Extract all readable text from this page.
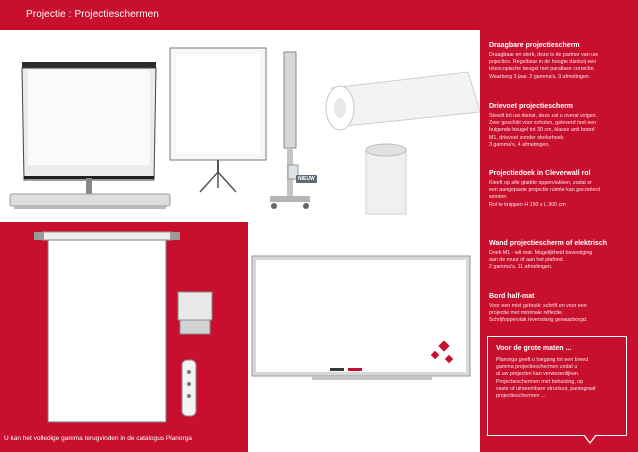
Projectie : Projectieschermen
NIEUW
Draagbare projectiescherm
Draagbaar en sterk, deze is de partner van uw
pojecties. Regelbaar in de hoogte dankzij een
telescopische beugel met parallaxe correctie.
Waarborg 3 jaar. 2 gamma's, 3 afmetingen.
Drievoet projectiescherm
Steedt tot uw dienst, deze zal u overal volgen.
Zeer geschikt voor scholen, geleverd met een
buigende beugel tot 30 cm, klasse anti brand
M1, drievoet zonder sterkehoek.
3 gamma's, 4 afmetingen.
Projectiedoek in Cleverwall rol
Kleeft op alle gladde oppervlakken, zodat er
een aangepaste projectie ruimte kan gecreëerd
worden.
Rol te knippen H 150 x L 300 cm
Wand projectiescherm of elektrisch
Doek M1 - wit mat. Mogelijkheid bevestiging
aan de muur of aan het plafond.
2 gamma's, 11 afmetingen.
Bord half-mat
Voor een mixt gebruik: schrift en voor een
projectie met minimale reflectie.
Schrijfoppervlak levenslang gewaarborgd.
Voor de grote maten ...
Planorga geeft u toegang tot een breed
gamma projectieschermen zodat u
al uw projecten kan verwezenlijken.
Projectieschermen met behuizing, op
vaste of uitneembare structuur, pantograaf
projectieschermen ...
U kan het volledige gamma terugvinden in de catalogus Planorga
